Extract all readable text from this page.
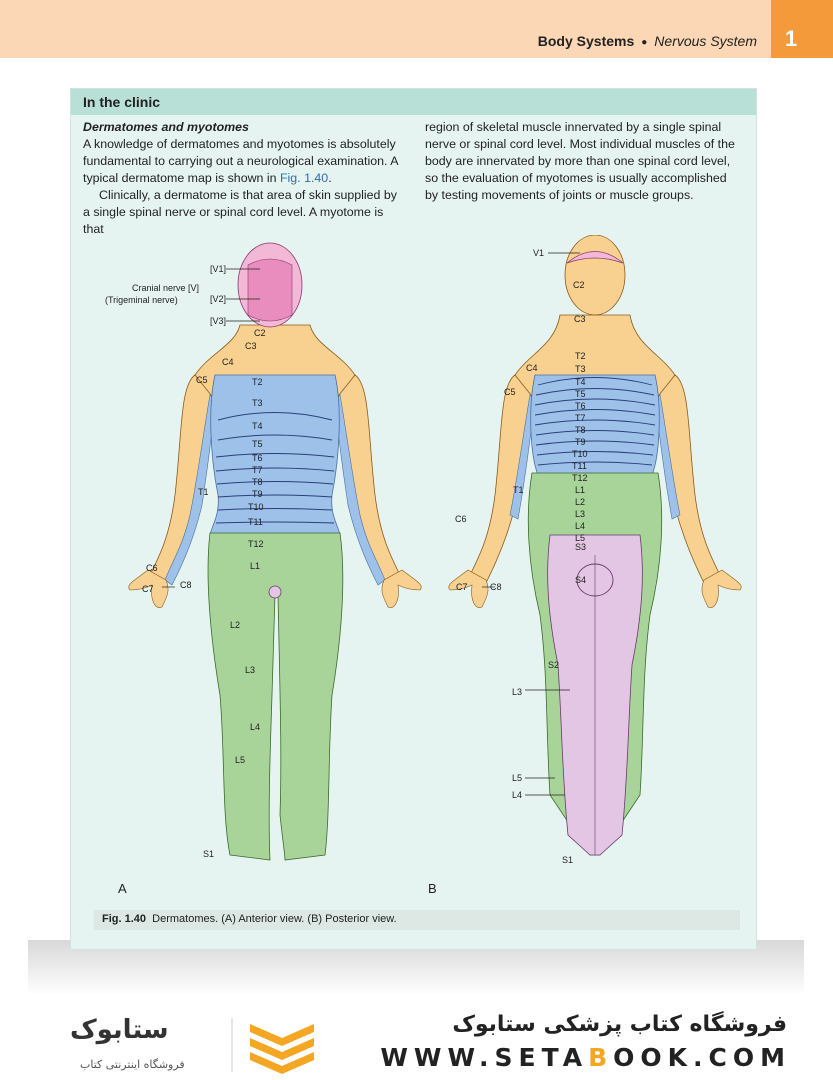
Body Systems ● Nervous System	1
In the clinic

Dermatomes and myotomes

A knowledge of dermatomes and myotomes is absolutely fundamental to carrying out a neurological examination. A typical dermatome map is shown in Fig. 1.40.

Clinically, a dermatome is that area of skin supplied by a single spinal nerve or spinal cord level. A myotome is that

region of skeletal muscle innervated by a single spinal nerve or spinal cord level. Most individual muscles of the body are innervated by more than one spinal cord level, so the evaluation of myotomes is usually accomplished by testing movements of joints or muscle groups.

Cranial nerve [V]
(Trigeminal nerve)
[V1]
[V2]
[V3]
C2
C3
C4
C5	T2
T3
T4
T5
T6
T7
T8
T9
T10
T11
T12
L1
T1
C6
C7	C8
L2
L3
L4
L5
S1
A
V1
C2
C3
C4
C5
T2
T3
T4
T5
T6
T7
T8
T9
T10
T11
T12
L1
L2
L3
L4
L5
T1
C6
C7 C8
S3
S4
S2
L3
L5
L4
S1
B
Fig. 1.40 Dermatomes. (A) Anterior view. (B) Posterior view.
ستابوک
فروشگاه اینترنتی کتاب
فروشگاه کتاب پزشکی ستابوک
WWW.SETABOOK.COM
